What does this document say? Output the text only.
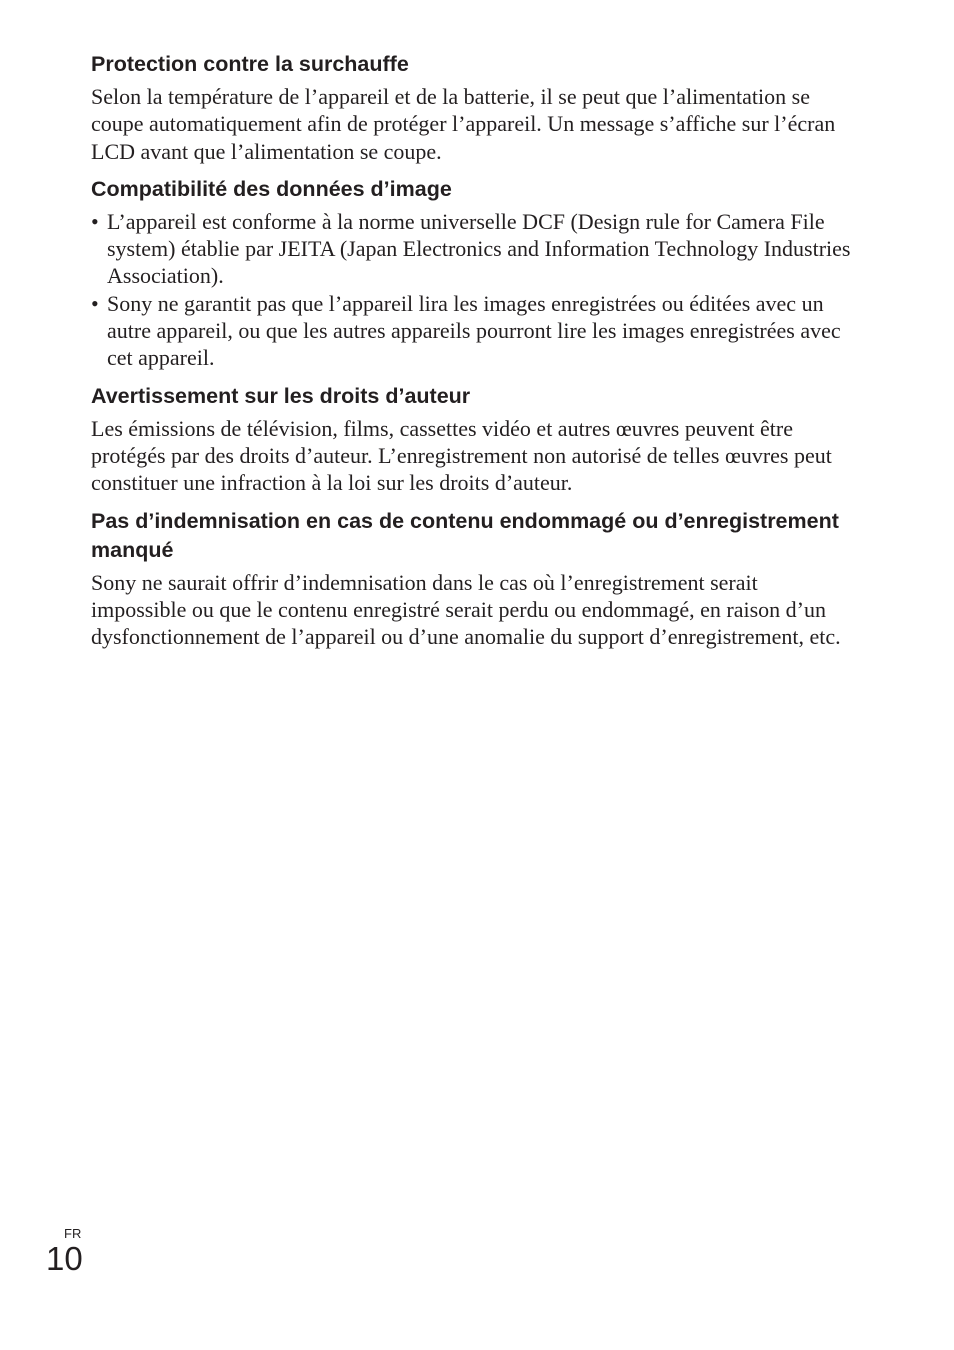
Protection contre la surchauffe

Selon la température de l’appareil et de la batterie, il se peut que l’alimentation se coupe automatiquement afin de protéger l’appareil. Un message s’affiche sur l’écran LCD avant que l’alimentation se coupe.

Compatibilité des données d’image
• L’appareil est conforme à la norme universelle DCF (Design rule for Camera File system) établie par JEITA (Japan Electronics and Information Technology Industries Association).
• Sony ne garantit pas que l’appareil lira les images enregistrées ou éditées avec un autre appareil, ou que les autres appareils pourront lire les images enregistrées avec cet appareil.
Avertissement sur les droits d’auteur

Les émissions de télévision, films, cassettes vidéo et autres œuvres peuvent être protégés par des droits d’auteur. L’enregistrement non autorisé de telles œuvres peut constituer une infraction à la loi sur les droits d’auteur.

Pas d’indemnisation en cas de contenu endommagé ou d’enregistrement manqué

Sony ne saurait offrir d’indemnisation dans le cas où l’enregistrement serait impossible ou que le contenu enregistré serait perdu ou endommagé, en raison d’un dysfonctionnement de l’appareil ou d’une anomalie du support d’enregistrement, etc.

FR
10
